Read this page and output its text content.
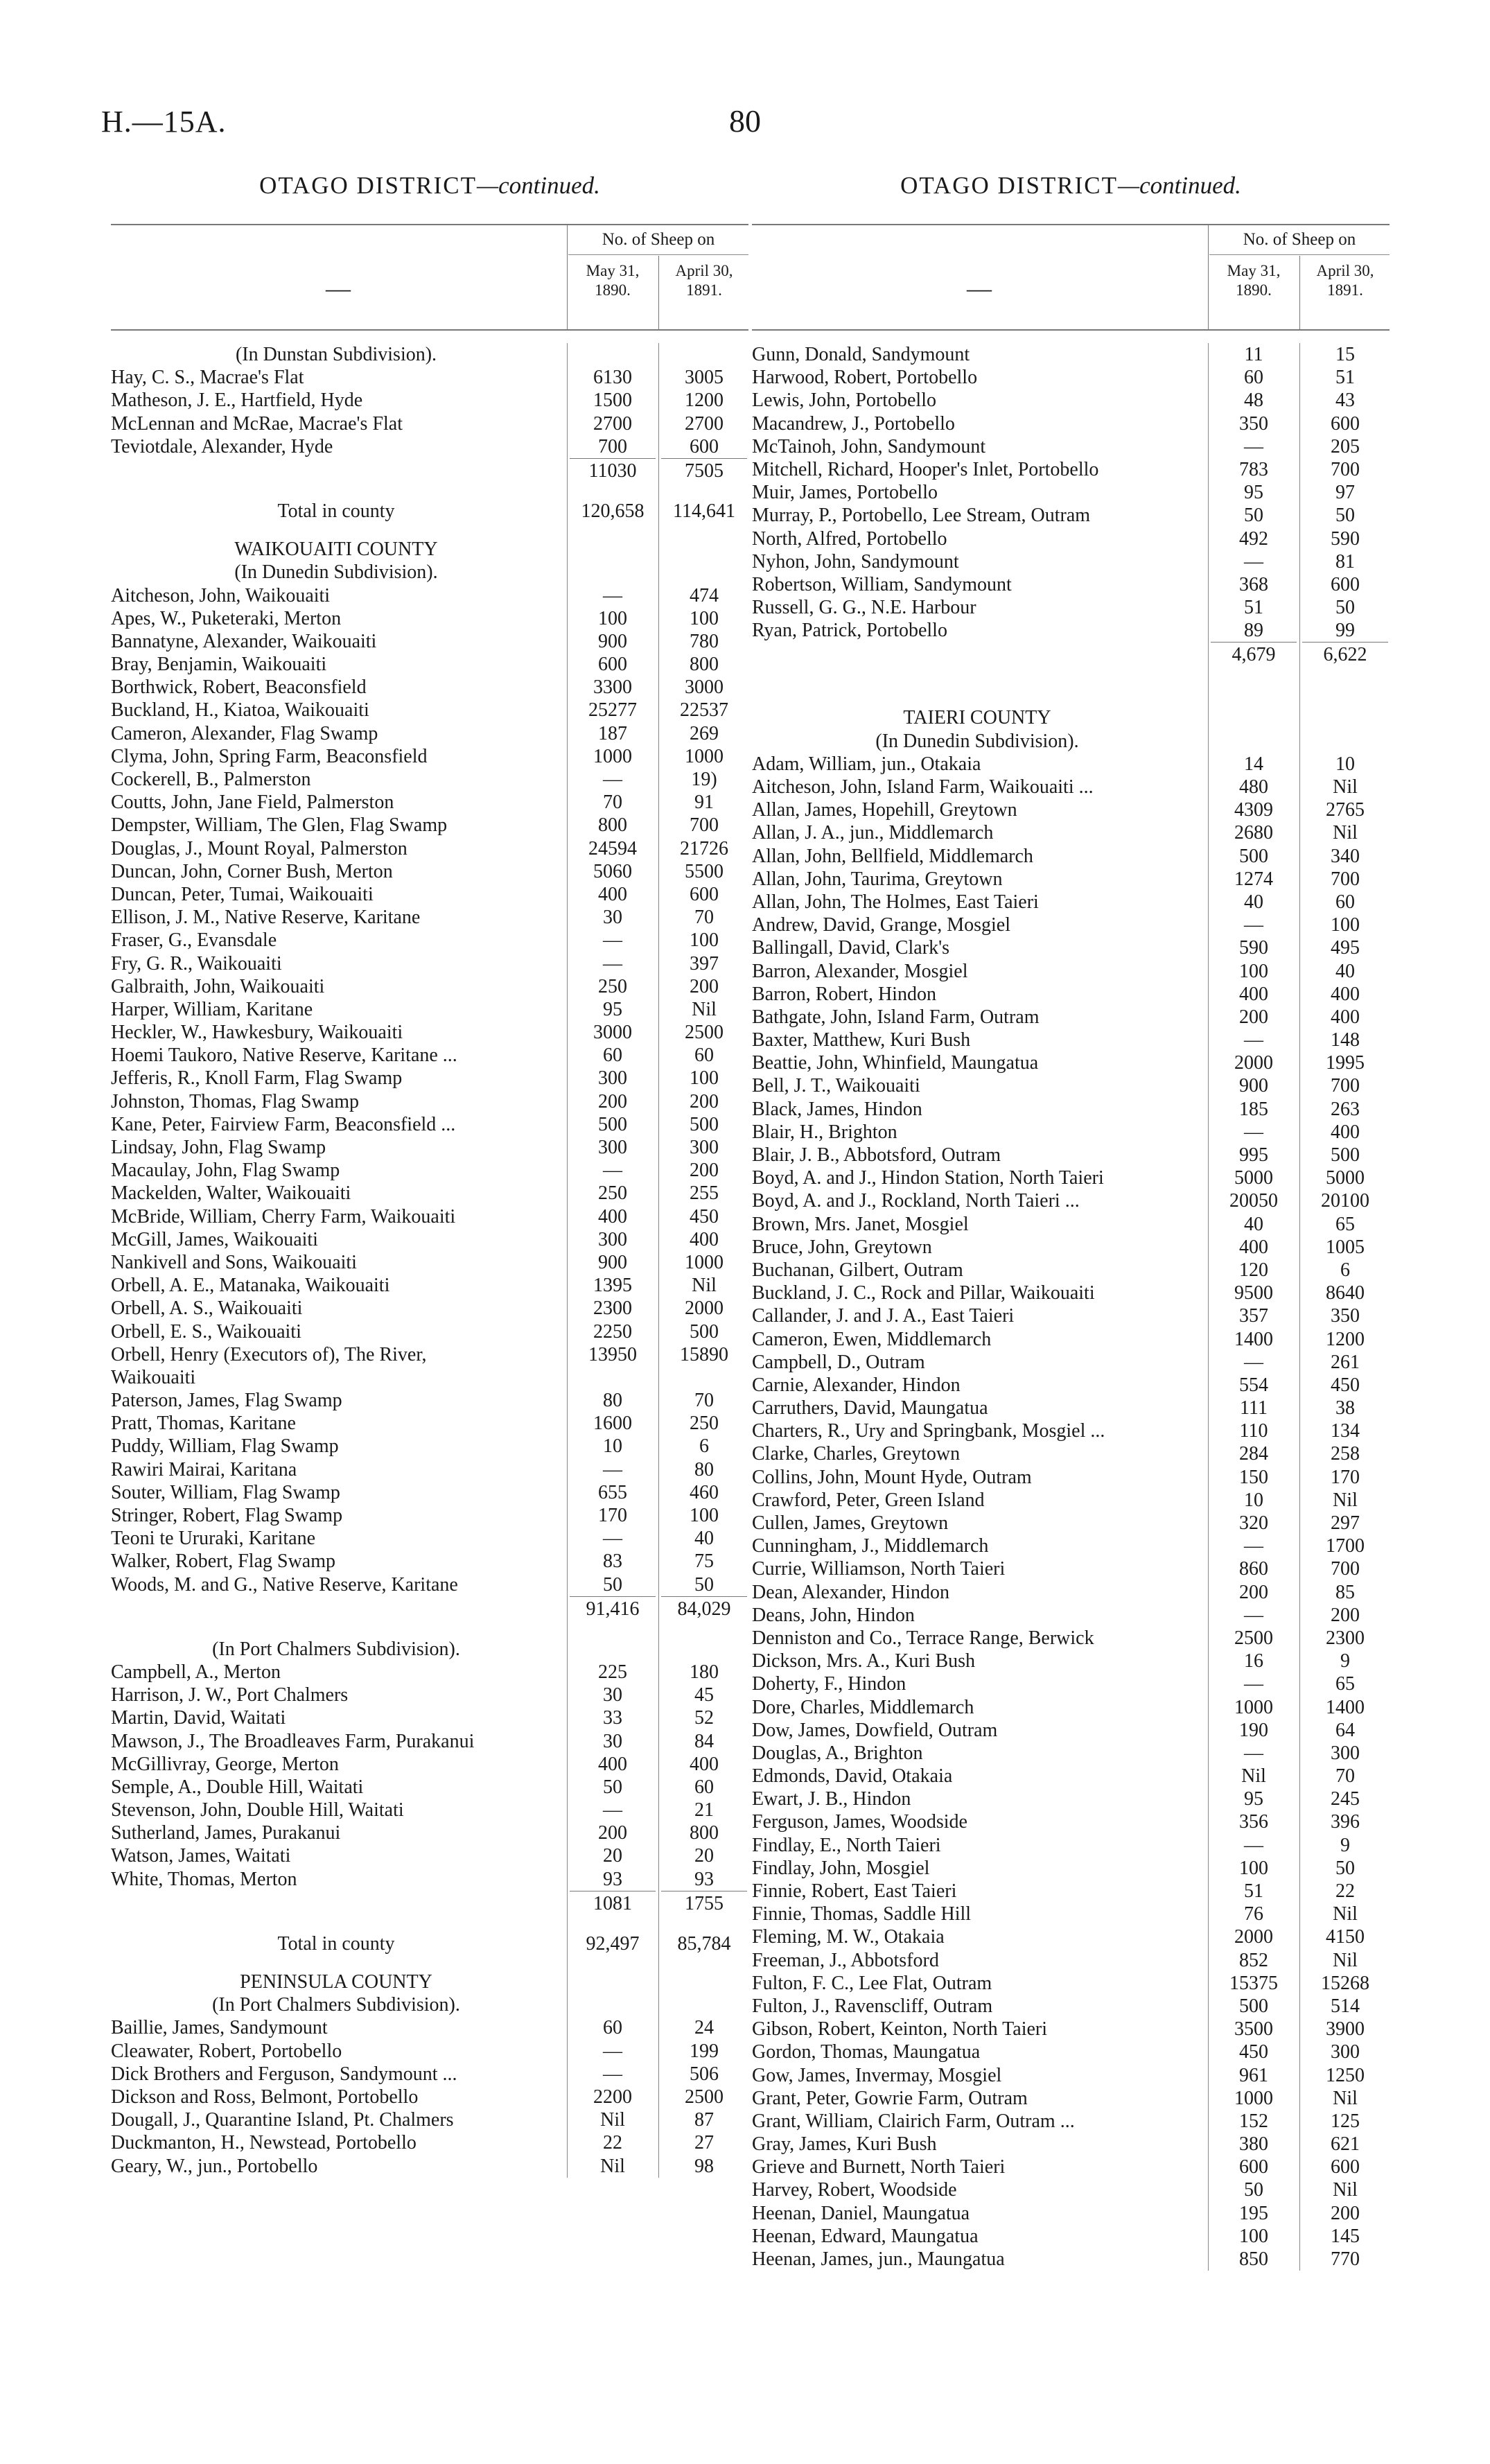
H.—15A.	80
OTAGO DISTRICT—continued.
—
No. of Sheep on
May 31,
1890.
April 30,
1891.
(In Dunstan Subdivision).
Hay, C. S., Macrae's Flat	6130	3005
Matheson, J. E., Hartfield, Hyde	1500	1200
McLennan and McRae, Macrae's Flat	2700	2700
Teviotdale, Alexander, Hyde	700	600
11030	7505
Total in county	120,658	114,641
WAIKOUAITI COUNTY
(In Dunedin Subdivision).
Aitcheson, John, Waikouaiti	—	474
Apes, W., Puketeraki, Merton	100	100
Bannatyne, Alexander, Waikouaiti	900	780
Bray, Benjamin, Waikouaiti	600	800
Borthwick, Robert, Beaconsfield	3300	3000
Buckland, H., Kiatoa, Waikouaiti	25277	22537
Cameron, Alexander, Flag Swamp	187	269
Clyma, John, Spring Farm, Beaconsfield	1000	1000
Cockerell, B., Palmerston	—	19)
Coutts, John, Jane Field, Palmerston	70	91
Dempster, William, The Glen, Flag Swamp	800	700
Douglas, J., Mount Royal, Palmerston	24594	21726
Duncan, John, Corner Bush, Merton	5060	5500
Duncan, Peter, Tumai, Waikouaiti	400	600
Ellison, J. M., Native Reserve, Karitane	30	70
Fraser, G., Evansdale	—	100
Fry, G. R., Waikouaiti	—	397
Galbraith, John, Waikouaiti	250	200
Harper, William, Karitane	95	Nil
Heckler, W., Hawkesbury, Waikouaiti	3000	2500
Hoemi Taukoro, Native Reserve, Karitane ...	60	60
Jefferis, R., Knoll Farm, Flag Swamp	300	100
Johnston, Thomas, Flag Swamp	200	200
Kane, Peter, Fairview Farm, Beaconsfield ...	500	500
Lindsay, John, Flag Swamp	300	300
Macaulay, John, Flag Swamp	—	200
Mackelden, Walter, Waikouaiti	250	255
McBride, William, Cherry Farm, Waikouaiti	400	450
McGill, James, Waikouaiti	300	400
Nankivell and Sons, Waikouaiti	900	1000
Orbell, A. E., Matanaka, Waikouaiti	1395	Nil
Orbell, A. S., Waikouaiti	2300	2000
Orbell, E. S., Waikouaiti	2250	500
Orbell, Henry (Executors of), The River,	13950	15890
Waikouaiti
Paterson, James, Flag Swamp	80	70
Pratt, Thomas, Karitane	1600	250
Puddy, William, Flag Swamp	10	6
Rawiri Mairai, Karitana	—	80
Souter, William, Flag Swamp	655	460
Stringer, Robert, Flag Swamp	170	100
Teoni te Ururaki, Karitane	—	40
Walker, Robert, Flag Swamp	83	75
Woods, M. and G., Native Reserve, Karitane	50	50
91,416	84,029
(In Port Chalmers Subdivision).
Campbell, A., Merton	225	180
Harrison, J. W., Port Chalmers	30	45
Martin, David, Waitati	33	52
Mawson, J., The Broadleaves Farm, Purakanui	30	84
McGillivray, George, Merton	400	400
Semple, A., Double Hill, Waitati	50	60
Stevenson, John, Double Hill, Waitati	—	21
Sutherland, James, Purakanui	200	800
Watson, James, Waitati	20	20
White, Thomas, Merton	93	93
1081	1755
Total in county	92,497	85,784
PENINSULA COUNTY
(In Port Chalmers Subdivision).
Baillie, James, Sandymount	60	24
Cleawater, Robert, Portobello	—	199
Dick Brothers and Ferguson, Sandymount ...	—	506
Dickson and Ross, Belmont, Portobello	2200	2500
Dougall, J., Quarantine Island, Pt. Chalmers	Nil	87
Duckmanton, H., Newstead, Portobello	22	27
Geary, W., jun., Portobello	Nil	98
OTAGO DISTRICT—continued.
—
No. of Sheep on
May 31,
1890.
April 30,
1891.
Gunn, Donald, Sandymount	11	15
Harwood, Robert, Portobello	60	51
Lewis, John, Portobello	48	43
Macandrew, J., Portobello	350	600
McTainoh, John, Sandymount	—	205
Mitchell, Richard, Hooper's Inlet, Portobello	783	700
Muir, James, Portobello	95	97
Murray, P., Portobello, Lee Stream, Outram	50	50
North, Alfred, Portobello	492	590
Nyhon, John, Sandymount	—	81
Robertson, William, Sandymount	368	600
Russell, G. G., N.E. Harbour	51	50
Ryan, Patrick, Portobello	89	99
4,679	6,622
TAIERI COUNTY
(In Dunedin Subdivision).
Adam, William, jun., Otakaia	14	10
Aitcheson, John, Island Farm, Waikouaiti ...	480	Nil
Allan, James, Hopehill, Greytown	4309	2765
Allan, J. A., jun., Middlemarch	2680	Nil
Allan, John, Bellfield, Middlemarch	500	340
Allan, John, Taurima, Greytown	1274	700
Allan, John, The Holmes, East Taieri	40	60
Andrew, David, Grange, Mosgiel	—	100
Ballingall, David, Clark's	590	495
Barron, Alexander, Mosgiel	100	40
Barron, Robert, Hindon	400	400
Bathgate, John, Island Farm, Outram	200	400
Baxter, Matthew, Kuri Bush	—	148
Beattie, John, Whinfield, Maungatua	2000	1995
Bell, J. T., Waikouaiti	900	700
Black, James, Hindon	185	263
Blair, H., Brighton	—	400
Blair, J. B., Abbotsford, Outram	995	500
Boyd, A. and J., Hindon Station, North Taieri	5000	5000
Boyd, A. and J., Rockland, North Taieri ...	20050	20100
Brown, Mrs. Janet, Mosgiel	40	65
Bruce, John, Greytown	400	1005
Buchanan, Gilbert, Outram	120	6
Buckland, J. C., Rock and Pillar, Waikouaiti	9500	8640
Callander, J. and J. A., East Taieri	357	350
Cameron, Ewen, Middlemarch	1400	1200
Campbell, D., Outram	—	261
Carnie, Alexander, Hindon	554	450
Carruthers, David, Maungatua	111	38
Charters, R., Ury and Springbank, Mosgiel ...	110	134
Clarke, Charles, Greytown	284	258
Collins, John, Mount Hyde, Outram	150	170
Crawford, Peter, Green Island	10	Nil
Cullen, James, Greytown	320	297
Cunningham, J., Middlemarch	—	1700
Currie, Williamson, North Taieri	860	700
Dean, Alexander, Hindon	200	85
Deans, John, Hindon	—	200
Denniston and Co., Terrace Range, Berwick	2500	2300
Dickson, Mrs. A., Kuri Bush	16	9
Doherty, F., Hindon	—	65
Dore, Charles, Middlemarch	1000	1400
Dow, James, Dowfield, Outram	190	64
Douglas, A., Brighton	—	300
Edmonds, David, Otakaia	Nil	70
Ewart, J. B., Hindon	95	245
Ferguson, James, Woodside	356	396
Findlay, E., North Taieri	—	9
Findlay, John, Mosgiel	100	50
Finnie, Robert, East Taieri	51	22
Finnie, Thomas, Saddle Hill	76	Nil
Fleming, M. W., Otakaia	2000	4150
Freeman, J., Abbotsford	852	Nil
Fulton, F. C., Lee Flat, Outram	15375	15268
Fulton, J., Ravenscliff, Outram	500	514
Gibson, Robert, Keinton, North Taieri	3500	3900
Gordon, Thomas, Maungatua	450	300
Gow, James, Invermay, Mosgiel	961	1250
Grant, Peter, Gowrie Farm, Outram	1000	Nil
Grant, William, Clairich Farm, Outram ...	152	125
Gray, James, Kuri Bush	380	621
Grieve and Burnett, North Taieri	600	600
Harvey, Robert, Woodside	50	Nil
Heenan, Daniel, Maungatua	195	200
Heenan, Edward, Maungatua	100	145
Heenan, James, jun., Maungatua	850	770
